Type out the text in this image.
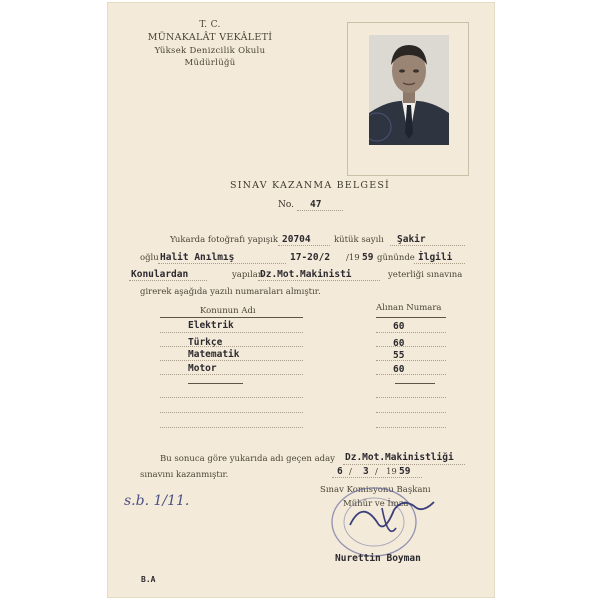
T. C.
MÜNAKALÂT VEKÂLETİ
Yüksek Denizcilik Okulu
Müdürlüğü
SINAV KAZANMA BELGESİ
No. 47
Yukarda fotoğrafı yapışık 20704	kütük sayılı Şakir
oğlu Halit Anılmış	17-20/2 /19 59 gününde İlgili
Konulardan	yapılan
Dz.Mot.Makinisti	yeterliği sınavına
girerek aşağıda yazılı numaraları almıştır.
Konunun Adı	Alınan Numara
Elektrik	60
Türkçe	60
Matematik	55
Motor	60
Bu sonuca göre yukarıda adı geçen aday Dz.Mot.Makinistliği
sınavını kazanmıştır.	6 / 3 / 19 59
Sınav Komisyonu Başkanı
Mühür ve İmza
Nurettin Boyman
s.b. 1/11.
B.A
